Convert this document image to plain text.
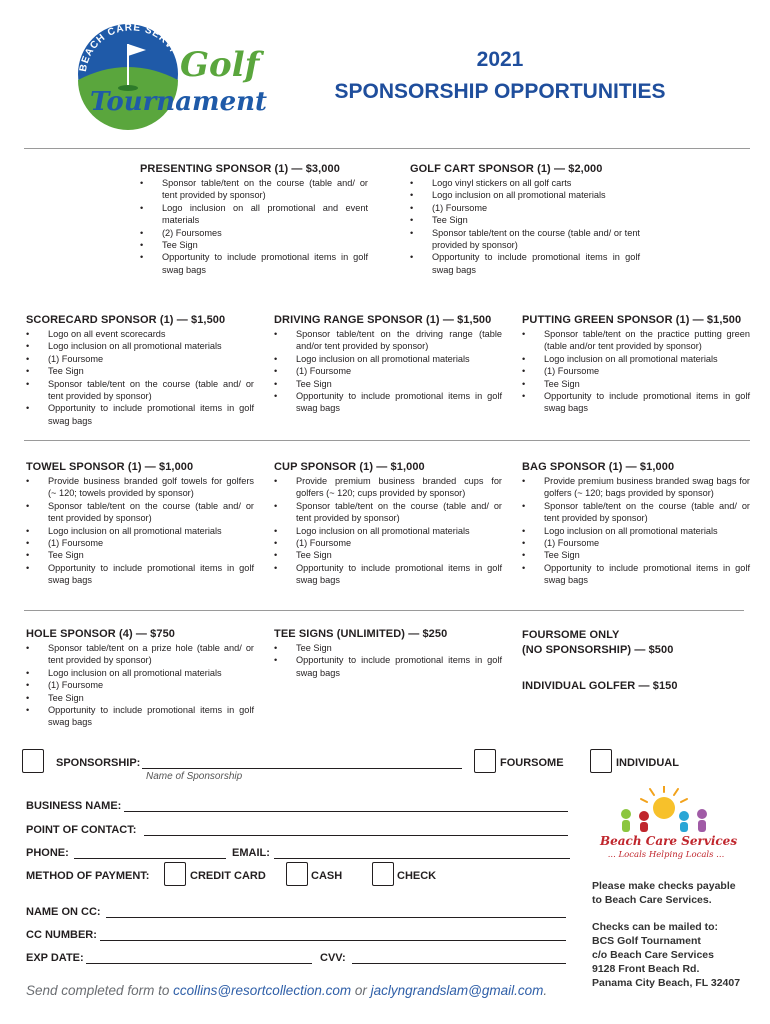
BEACH CARE SERVI Golf
Tournament
2021
SPONSORSHIP OPPORTUNITIES
PRESENTING SPONSOR (1) — $3,000
• Sponsor table/tent on the course (table and/ or tent provided by sponsor)
• Logo inclusion on all promotional and event materials
• (2) Foursomes
• Tee Sign
• Opportunity to include promotional items in golf swag bags
GOLF CART SPONSOR (1) — $2,000
• Logo vinyl stickers on all golf carts
• Logo inclusion on all promotional materials
• (1) Foursome
• Tee Sign
• Sponsor table/tent on the course (table and/ or tent provided by sponsor)
• Opportunity to include promotional items in golf swag bags
SCORECARD SPONSOR (1) — $1,500
• Logo on all event scorecards
• Logo inclusion on all promotional materials
• (1) Foursome
• Tee Sign
• Sponsor table/tent on the course (table and/ or tent provided by sponsor)
• Opportunity to include promotional items in golf swag bags
DRIVING RANGE SPONSOR (1) — $1,500
• Sponsor table/tent on the driving range (table and/or tent provided by sponsor)
• Logo inclusion on all promotional materials
• (1) Foursome
• Tee Sign
• Opportunity to include promotional items in golf swag bags
PUTTING GREEN SPONSOR (1) — $1,500
• Sponsor table/tent on the practice putting green (table and/or tent provided by sponsor)
• Logo inclusion on all promotional materials
• (1) Foursome
• Tee Sign
• Opportunity to include promotional items in golf swag bags
TOWEL SPONSOR (1) — $1,000
• Provide business branded golf towels for golfers (~ 120; towels provided by sponsor)
• Sponsor table/tent on the course (table and/ or tent provided by sponsor)
• Logo inclusion on all promotional materials
• (1) Foursome
• Tee Sign
• Opportunity to include promotional items in golf swag bags
CUP SPONSOR (1) — $1,000
• Provide premium business branded cups for golfers (~ 120; cups provided by sponsor)
• Sponsor table/tent on the course (table and/ or tent provided by sponsor)
• Logo inclusion on all promotional materials
• (1) Foursome
• Tee Sign
• Opportunity to include promotional items in golf swag bags
BAG SPONSOR (1) — $1,000
• Provide premium business branded swag bags for golfers (~ 120; bags provided by sponsor)
• Sponsor table/tent on the course (table and/ or tent provided by sponsor)
• Logo inclusion on all promotional materials
• (1) Foursome
• Tee Sign
• Opportunity to include promotional items in golf swag bags
HOLE SPONSOR (4) — $750
• Sponsor table/tent on a prize hole (table and/ or tent provided by sponsor)
• Logo inclusion on all promotional materials
• (1) Foursome
• Tee Sign
• Opportunity to include promotional items in golf swag bags
TEE SIGNS (UNLIMITED) — $250
• Tee Sign
• Opportunity to include promotional items in golf swag bags
FOURSOME ONLY
(NO SPONSORSHIP) — $500
INDIVIDUAL GOLFER — $150
SPONSORSHIP:
Name of Sponsorship
FOURSOME	INDIVIDUAL
BUSINESS NAME:
POINT OF CONTACT:
PHONE:	EMAIL:
METHOD OF PAYMENT:	CREDIT CARD	CASH	CHECK
NAME ON CC:
CC NUMBER:
EXP DATE:	CVV:
Beach Care Services
... Locals Helping Locals ...
Please make checks payable
to Beach Care Services.
Checks can be mailed to:
BCS Golf Tournament
c/o Beach Care Services
9128 Front Beach Rd.
Panama City Beach, FL 32407
Send completed form to ccollins@resortcollection.com or jaclyngrandslam@gmail.com.
